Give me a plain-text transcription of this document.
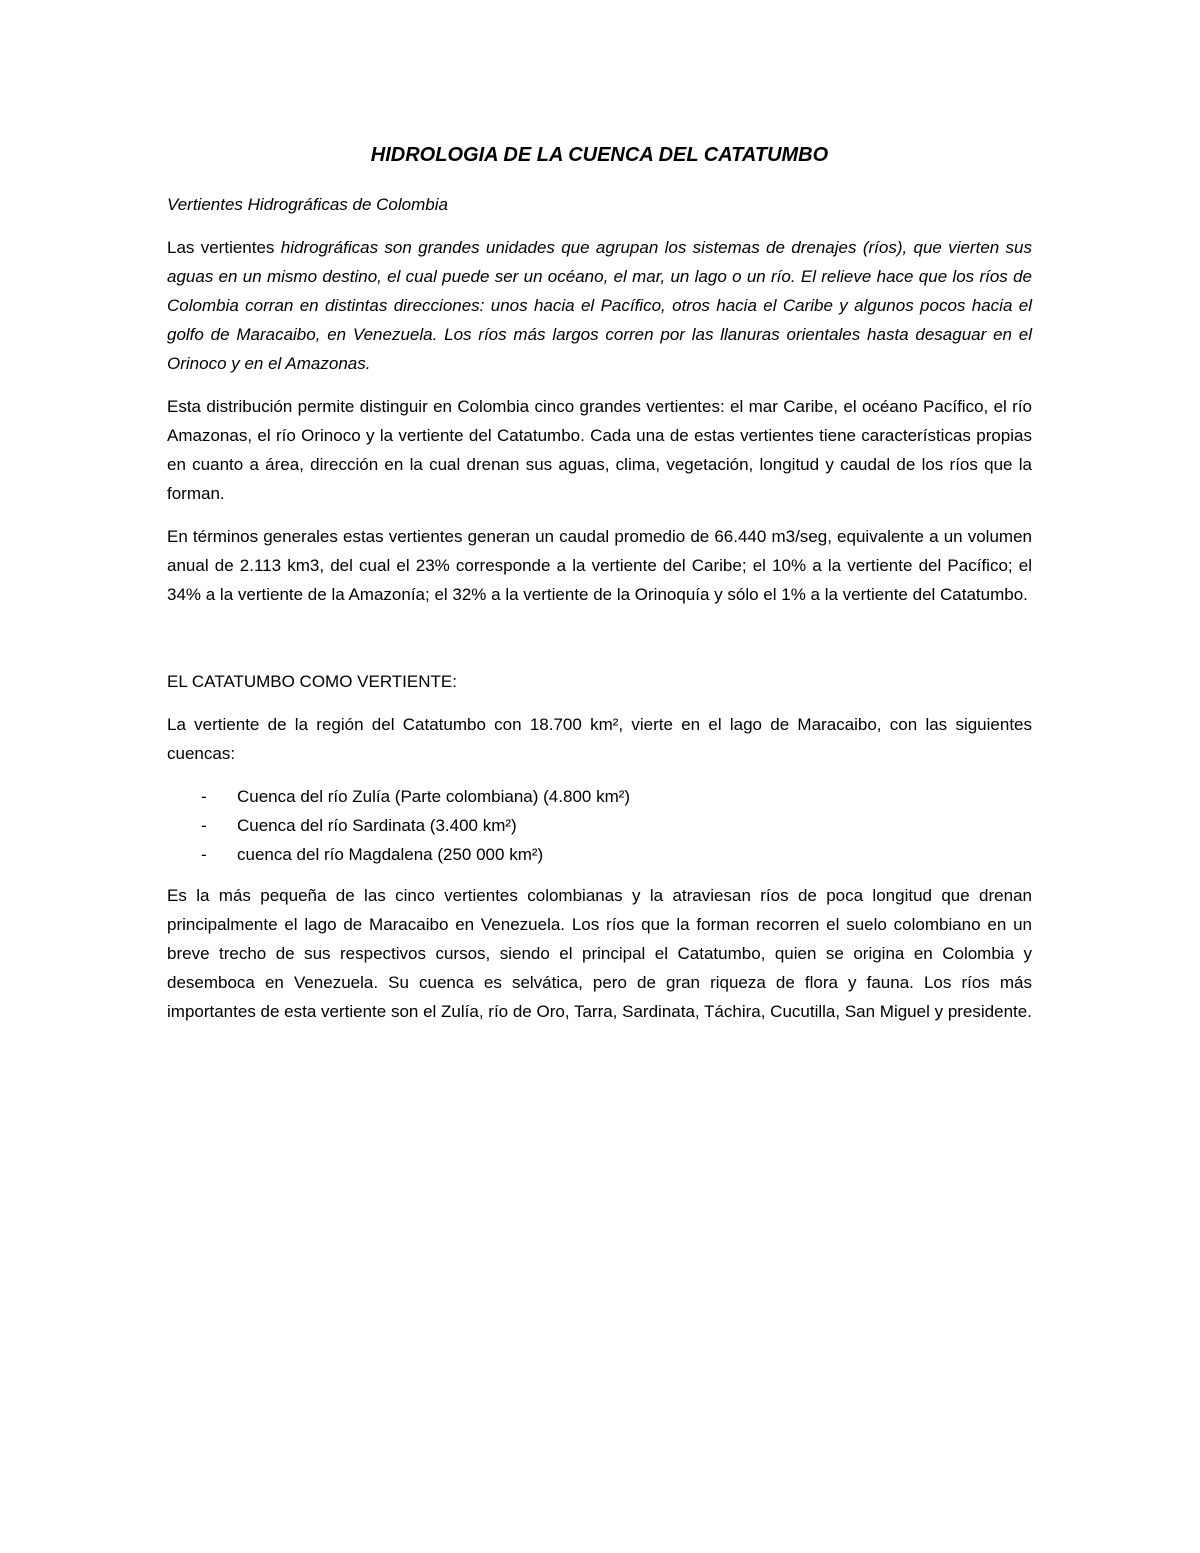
HIDROLOGIA DE LA CUENCA DEL CATATUMBO
Vertientes Hidrográficas de Colombia

Las vertientes hidrográficas son grandes unidades que agrupan los sistemas de drenajes (ríos), que vierten sus aguas en un mismo destino, el cual puede ser un océano, el mar, un lago o un río. El relieve hace que los ríos de Colombia corran en distintas direcciones: unos hacia el Pacífico, otros hacia el Caribe y algunos pocos hacia el golfo de Maracaibo, en Venezuela. Los ríos más largos corren por las llanuras orientales hasta desaguar en el Orinoco y en el Amazonas.

Esta distribución permite distinguir en Colombia cinco grandes vertientes: el mar Caribe, el océano Pacífico, el río Amazonas, el río Orinoco y la vertiente del Catatumbo. Cada una de estas vertientes tiene características propias en cuanto a área, dirección en la cual drenan sus aguas, clima, vegetación, longitud y caudal de los ríos que la forman.

En términos generales estas vertientes generan un caudal promedio de 66.440 m3/seg, equivalente a un volumen anual de 2.113 km3, del cual el 23% corresponde a la vertiente del Caribe; el 10% a la vertiente del Pacífico; el 34% a la vertiente de la Amazonía; el 32% a la vertiente de la Orinoquía y sólo el 1% a la vertiente del Catatumbo.

EL CATATUMBO COMO VERTIENTE:

La vertiente de la región del Catatumbo con 18.700 km², vierte en el lago de Maracaibo, con las siguientes cuencas:

- Cuenca del río Zulía (Parte colombiana) (4.800 km²)
- Cuenca del río Sardinata (3.400 km²)
- cuenca del río Magdalena (250 000 km²)

Es la más pequeña de las cinco vertientes colombianas y la atraviesan ríos de poca longitud que drenan principalmente el lago de Maracaibo en Venezuela. Los ríos que la forman recorren el suelo colombiano en un breve trecho de sus respectivos cursos, siendo el principal el Catatumbo, quien se origina en Colombia y desemboca en Venezuela. Su cuenca es selvática, pero de gran riqueza de flora y fauna. Los ríos más importantes de esta vertiente son el Zulía, río de Oro, Tarra, Sardinata, Táchira, Cucutilla, San Miguel y presidente.
